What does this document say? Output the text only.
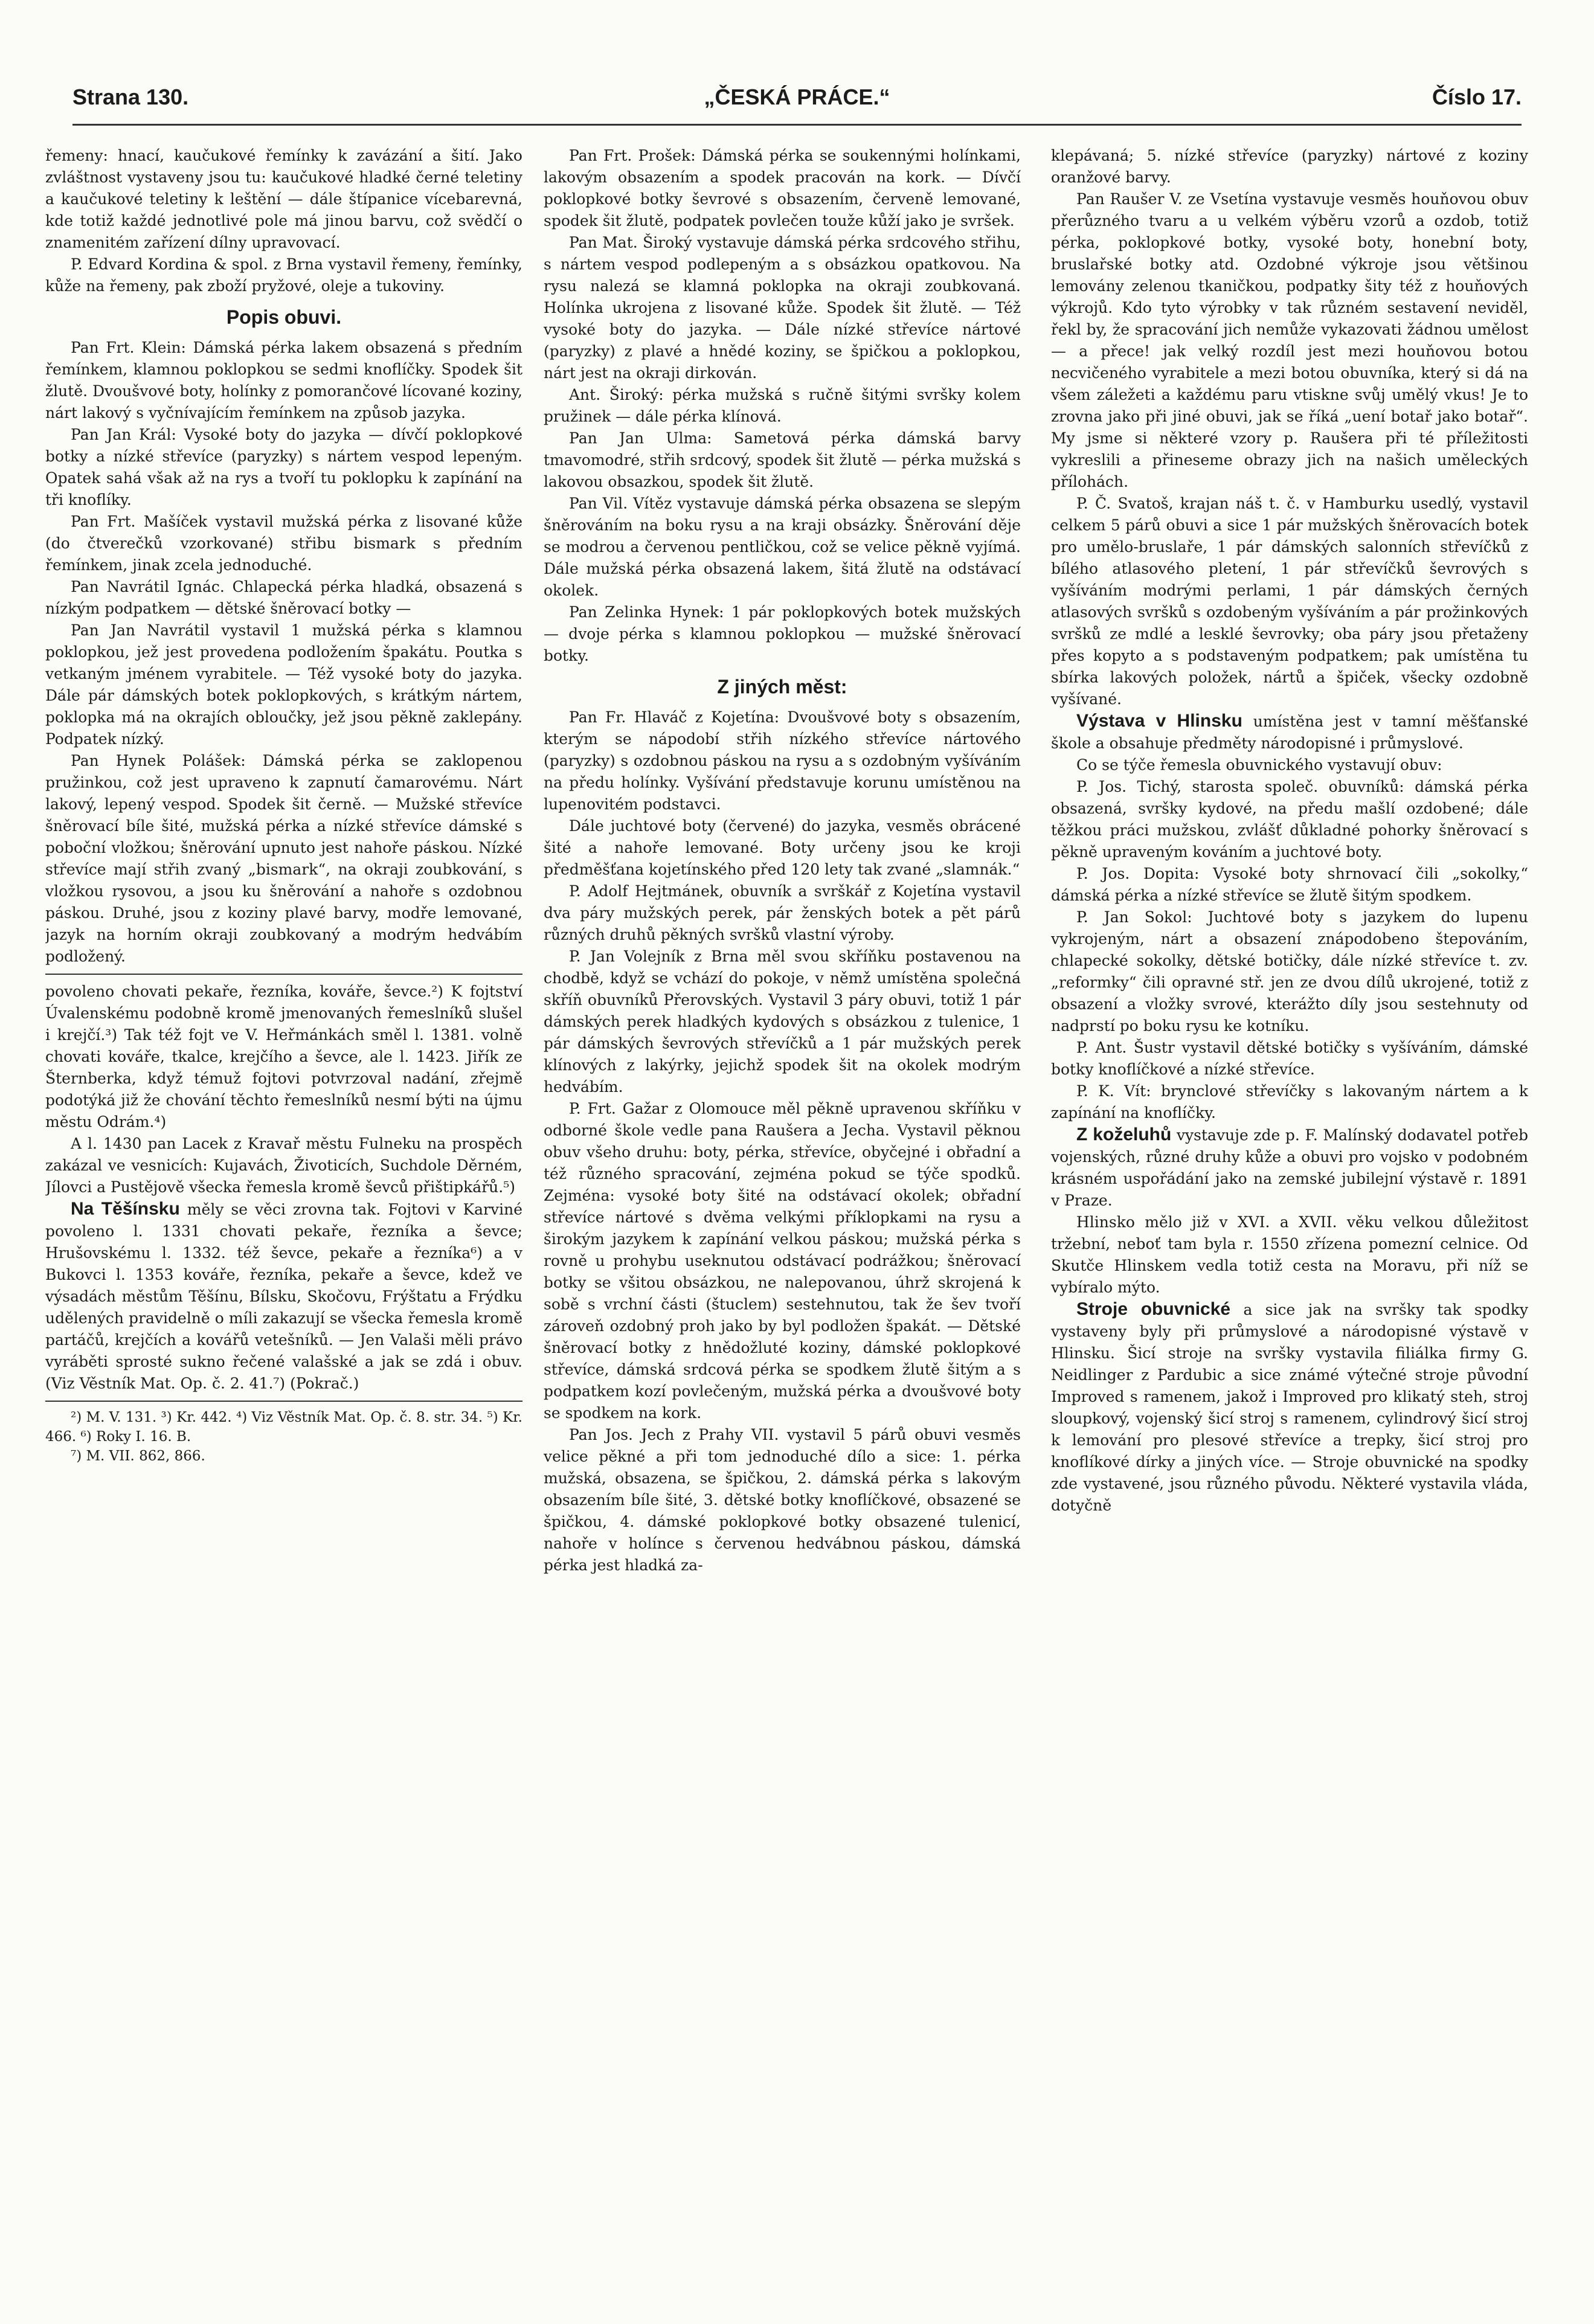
Strana 130.	„ČESKÁ PRÁCE.“	Číslo 17.

řemeny: hnací, kaučukové řemínky k zavázání a šití. Jako zvláštnost vystaveny jsou tu: kaučukové hladké černé teletiny a kaučukové teletiny k leštění — dále štípanice vícebarevná, kde totiž každé jednotlivé pole má jinou barvu, což svědčí o znamenitém zařízení dílny upravovací.

P. Edvard Kordina & spol. z Brna vystavil řemeny, řemínky, kůže na řemeny, pak zboží pryžové, oleje a tukoviny.

Popis obuvi.

Pan Frt. Klein: Dámská pérka lakem obsazená s předním řemínkem, klamnou poklopkou se sedmi knoflíčky. Spodek šit žlutě. Dvoušvové boty, holínky z pomorančové lícované koziny, nárt lakový s vyčnívajícím řemínkem na způsob jazyka.

Pan Jan Král: Vysoké boty do jazyka — dívčí poklopkové botky a nízké střevíce (paryzky) s nártem vespod lepeným. Opatek sahá však až na rys a tvoří tu poklopku k zapínání na tři knoflíky.

Pan Frt. Mašíček vystavil mužská pérka z lisované kůže (do čtverečků vzorkované) střibu bismark s předním řemínkem, jinak zcela jednoduché.

Pan Navrátil Ignác. Chlapecká pérka hladká, obsazená s nízkým podpatkem — dětské šněrovací botky —

Pan Jan Navrátil vystavil 1 mužská pérka s klamnou poklopkou, jež jest provedena podložením špakátu. Poutka s vetkaným jménem vyrabitele. — Též vysoké boty do jazyka. Dále pár dámských botek poklopkových, s krátkým nártem, poklopka má na okrajích obloučky, jež jsou pěkně zaklepány. Podpatek nízký.

Pan Hynek Polášek: Dámská pérka se zaklopenou pružinkou, což jest upraveno k zapnutí čamarovému. Nárt lakový, lepený vespod. Spodek šit černě. — Mužské střevíce šněrovací bíle šité, mužská pérka a nízké střevíce dámské s poboční vložkou; šněrování upnuto jest nahoře páskou. Nízké střevíce mají střih zvaný „bismark“, na okraji zoubkování, s vložkou rysovou, a jsou ku šněrování a nahoře s ozdobnou páskou. Druhé, jsou z koziny plavé barvy, modře lemované, jazyk na horním okraji zoubkovaný a modrým hedvábím podložený.

povoleno chovati pekaře, řezníka, kováře, ševce.²) K fojtství Úvalenskému podobně kromě jmenovaných řemeslníků slušel i krejčí.³) Tak též fojt ve V. Heřmánkách směl l. 1381. volně chovati kováře, tkalce, krejčího a ševce, ale l. 1423. Jiřík ze Šternberka, když témuž fojtovi potvrzoval nadání, zřejmě podotýká již že chování těchto řemeslníků nesmí býti na újmu městu Odrám.⁴)

A l. 1430 pan Lacek z Kravař městu Fulneku na prospěch zakázal ve vesnicích: Kujavách, Životicích, Suchdole Děrném, Jílovci a Pustějově všecka řemesla kromě ševců přištipkářů.⁵)

Na Těšínsku měly se věci zrovna tak. Fojtovi v Karviné povoleno l. 1331 chovati pekaře, řezníka a ševce; Hrušovskému l. 1332. též ševce, pekaře a řezníka⁶) a v Bukovci l. 1353 kováře, řezníka, pekaře a ševce, kdež ve výsadách městům Těšínu, Bílsku, Skočovu, Frýštatu a Frýdku udělených pravidelně o míli zakazují se všecka řemesla kromě partáčů, krejčích a kovářů vetešníků. — Jen Valaši měli právo vyráběti sprosté sukno řečené valašské a jak se zdá i obuv. (Viz Věstník Mat. Op. č. 2. 41.⁷) (Pokrač.)

²) M. V. 131. ³) Kr. 442. ⁴) Viz Věstník Mat. Op. č. 8. str. 34. ⁵) Kr. 466. ⁶) Roky I. 16. B.

⁷) M. VII. 862, 866.

Pan Frt. Prošek: Dámská pérka se soukennými holínkami, lakovým obsazením a spodek pracován na kork. — Dívčí poklopkové botky ševrové s obsazením, červeně lemované, spodek šit žlutě, podpatek povlečen touže kůží jako je svršek.

Pan Mat. Široký vystavuje dámská pérka srdcového střihu, s nártem vespod podlepeným a s obsázkou opatkovou. Na rysu nalezá se klamná poklopka na okraji zoubkovaná. Holínka ukrojena z lisované kůže. Spodek šit žlutě. — Též vysoké boty do jazyka. — Dále nízké střevíce nártové (paryzky) z plavé a hnědé koziny, se špičkou a poklopkou, nárt jest na okraji dirkován.

Ant. Široký: pérka mužská s ručně šitými svršky kolem pružinek — dále pérka klínová.

Pan Jan Ulma: Sametová pérka dámská barvy tmavomodré, střih srdcový, spodek šit žlutě — pérka mužská s lakovou obsazkou, spodek šit žlutě.

Pan Vil. Vítěz vystavuje dámská pérka obsazena se slepým šněrováním na boku rysu a na kraji obsázky. Šněrování děje se modrou a červenou pentličkou, což se velice pěkně vyjímá. Dále mužská pérka obsazená lakem, šitá žlutě na odstávací okolek.

Pan Zelinka Hynek: 1 pár poklopkových botek mužských — dvoje pérka s klamnou poklopkou — mužské šněrovací botky.

Z jiných měst:

Pan Fr. Hlaváč z Kojetína: Dvoušvové boty s obsazením, kterým se nápodobí střih nízkého střevíce nártového (paryzky) s ozdobnou páskou na rysu a s ozdobným vyšíváním na předu holínky. Vyšívání představuje korunu umístěnou na lupenovitém podstavci.

Dále juchtové boty (červené) do jazyka, vesměs obrácené šité a nahoře lemované. Boty určeny jsou ke kroji předměšťana kojetínského před 120 lety tak zvané „slamnák.“

P. Adolf Hejtmánek, obuvník a svrškář z Kojetína vystavil dva páry mužských perek, pár ženských botek a pět párů různých druhů pěkných svršků vlastní výroby.

P. Jan Volejník z Brna měl svou skříňku postavenou na chodbě, když se vchází do pokoje, v němž umístěna společná skříň obuvníků Přerovských. Vystavil 3 páry obuvi, totiž 1 pár dámských perek hladkých kydových s obsázkou z tulenice, 1 pár dámských ševrových střevíčků a 1 pár mužských perek klínových z lakýrky, jejichž spodek šit na okolek modrým hedvábím.

P. Frt. Gažar z Olomouce měl pěkně upravenou skříňku v odborné škole vedle pana Raušera a Jecha. Vystavil pěknou obuv všeho druhu: boty, pérka, střevíce, obyčejné i obřadní a též různého spracování, zejména pokud se týče spodků. Zejména: vysoké boty šité na odstávací okolek; obřadní střevíce nártové s dvěma velkými příklopkami na rysu a širokým jazykem k zapínání velkou páskou; mužská pérka s rovně u prohybu useknutou odstávací podrážkou; šněrovací botky se všitou obsázkou, ne nalepovanou, úhrž skrojená k sobě s vrchní části (štuclem) sestehnutou, tak že šev tvoří zároveň ozdobný proh jako by byl podložen špakát. — Dětské šněrovací botky z hnědožluté koziny, dámské poklopkové střevíce, dámská srdcová pérka se spodkem žlutě šitým a s podpatkem kozí povlečeným, mužská pérka a dvoušvové boty se spodkem na kork.

Pan Jos. Jech z Prahy VII. vystavil 5 párů obuvi vesměs velice pěkné a při tom jednoduché dílo a sice: 1. pérka mužská, obsazena, se špičkou, 2. dámská pérka s lakovým obsazením bíle šité, 3. dětské botky knoflíčkové, obsazené se špičkou, 4. dámské poklopkové botky obsazené tulenicí, nahoře v holínce s červenou hedvábnou páskou, dámská pérka jest hladká za-

klepávaná; 5. nízké střevíce (paryzky) nártové z koziny oranžové barvy.

Pan Raušer V. ze Vsetína vystavuje vesměs houňovou obuv přerůzného tvaru a u velkém výběru vzorů a ozdob, totiž pérka, poklopkové botky, vysoké boty, honební boty, bruslařské botky atd. Ozdobné výkroje jsou většinou lemovány zelenou tkaničkou, podpatky šity též z houňových výkrojů. Kdo tyto výrobky v tak různém sestavení neviděl, řekl by, že spracování jich nemůže vykazovati žádnou umělost — a přece! jak velký rozdíl jest mezi houňovou botou necvičeného vyrabitele a mezi botou obuvníka, který si dá na všem záležeti a každému paru vtiskne svůj umělý vkus! Je to zrovna jako při jiné obuvi, jak se říká „uení botař jako botař“. My jsme si některé vzory p. Raušera při té příležitosti vykreslili a přineseme obrazy jich na našich uměleckých přílohách.

P. Č. Svatoš, krajan náš t. č. v Hamburku usedlý, vystavil celkem 5 párů obuvi a sice 1 pár mužských šněrovacích botek pro umělo-bruslaře, 1 pár dámských salonních střevíčků z bílého atlasového pletení, 1 pár střevíčků ševrových s vyšíváním modrými perlami, 1 pár dámských černých atlasových svršků s ozdobeným vyšíváním a pár prožinkových svršků ze mdlé a lesklé ševrovky; oba páry jsou přetaženy přes kopyto a s podstaveným podpatkem; pak umístěna tu sbírka lakových položek, nártů a špiček, všecky ozdobně vyšívané.

Výstava v Hlinsku umístěna jest v tamní měšťanské škole a obsahuje předměty národopisné i průmyslové.

Co se týče řemesla obuvnického vystavují obuv:

P. Jos. Tichý, starosta společ. obuvníků: dámská pérka obsazená, svršky kydové, na předu mašlí ozdobené; dále těžkou práci mužskou, zvlášť důkladné pohorky šněrovací s pěkně upraveným kováním a juchtové boty.

P. Jos. Dopita: Vysoké boty shrnovací čili „sokolky,“ dámská pérka a nízké střevíce se žlutě šitým spodkem.

P. Jan Sokol: Juchtové boty s jazykem do lupenu vykrojeným, nárt a obsazení znápodobeno štepováním, chlapecké sokolky, dětské botičky, dále nízké střevíce t. zv. „reformky“ čili opravné stř. jen ze dvou dílů ukrojené, totiž z obsazení a vložky svrové, kterážto díly jsou sestehnuty od nadprstí po boku rysu ke kotníku.

P. Ant. Šustr vystavil dětské botičky s vyšíváním, dámské botky knoflíčkové a nízké střevíce.

P. K. Vít: brynclové střevíčky s lakovaným nártem a k zapínání na knoflíčky.

Z koželuhů vystavuje zde p. F. Malínský dodavatel potřeb vojenských, různé druhy kůže a obuvi pro vojsko v podobném krásném uspořádání jako na zemské jubilejní výstavě r. 1891 v Praze.

Hlinsko mělo již v XVI. a XVII. věku velkou důležitost tržební, neboť tam byla r. 1550 zřízena pomezní celnice. Od Skutče Hlinskem vedla totiž cesta na Moravu, při níž se vybíralo mýto.

Stroje obuvnické a sice jak na svršky tak spodky vystaveny byly při průmyslové a národopisné výstavě v Hlinsku. Šicí stroje na svršky vystavila filiálka firmy G. Neidlinger z Pardubic a sice známé výtečné stroje původní Improved s ramenem, jakož i Improved pro klikatý steh, stroj sloupkový, vojenský šicí stroj s ramenem, cylindrový šicí stroj k lemování pro plesové střevíce a trepky, šicí stroj pro knoflíkové dírky a jiných více. — Stroje obuvnické na spodky zde vystavené, jsou různého původu. Některé vystavila vláda, dotyčně
